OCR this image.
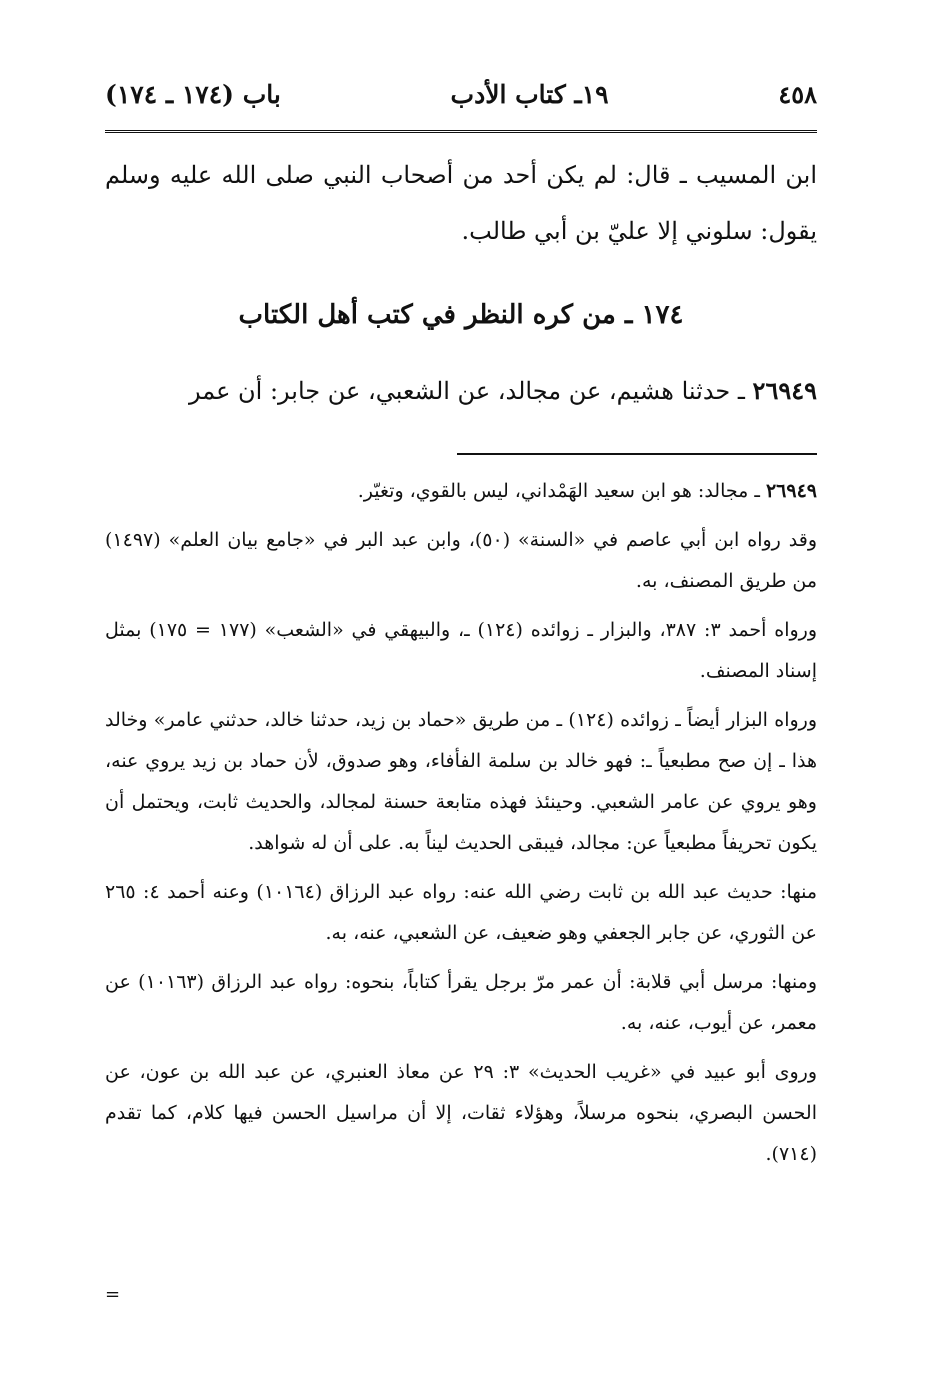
٤٥٨
١٩ـ كتاب الأدب
باب (١٧٤ ـ ١٧٤)

ابن المسيب ـ قال: لم يكن أحد من أصحاب النبي صلى الله عليه وسلم يقول: سلوني إلا عليّ بن أبي طالب.

١٧٤ ـ من كره النظر في كتب أهل الكتاب
٢٦٩٤٩ ـ حدثنا هشيم، عن مجالد، عن الشعبي، عن جابر: أن عمر

٢٦٩٤٩ ـ مجالد: هو ابن سعيد الهَمْداني، ليس بالقوي، وتغيّر.

وقد رواه ابن أبي عاصم في «السنة» (٥٠)، وابن عبد البر في «جامع بيان العلم» (١٤٩٧) من طريق المصنف، به.

ورواه أحمد ٣: ٣٨٧، والبزار ـ زوائده (١٢٤) ـ، والبيهقي في «الشعب» (١٧٧ = ١٧٥) بمثل إسناد المصنف.

ورواه البزار أيضاً ـ زوائده (١٢٤) ـ من طريق «حماد بن زيد، حدثنا خالد، حدثني عامر» وخالد هذا ـ إن صح مطبعياً ـ: فهو خالد بن سلمة الفأفاء، وهو صدوق، لأن حماد بن زيد يروي عنه، وهو يروي عن عامر الشعبي. وحينئذ فهذه متابعة حسنة لمجالد، والحديث ثابت، ويحتمل أن يكون تحريفاً مطبعياً عن: مجالد، فيبقى الحديث ليناً به. على أن له شواهد.

منها: حديث عبد الله بن ثابت رضي الله عنه: رواه عبد الرزاق (١٠١٦٤) وعنه أحمد ٤: ٢٦٥ عن الثوري، عن جابر الجعفي وهو ضعيف، عن الشعبي، عنه، به.

ومنها: مرسل أبي قلابة: أن عمر مرّ برجل يقرأ كتاباً، بنحوه: رواه عبد الرزاق (١٠١٦٣) عن معمر، عن أيوب، عنه، به.

وروى أبو عبيد في «غريب الحديث» ٣: ٢٩ عن معاذ العنبري، عن عبد الله بن عون، عن الحسن البصري، بنحوه مرسلاً، وهؤلاء ثقات، إلا أن مراسيل الحسن فيها كلام، كما تقدم (٧١٤).

=
